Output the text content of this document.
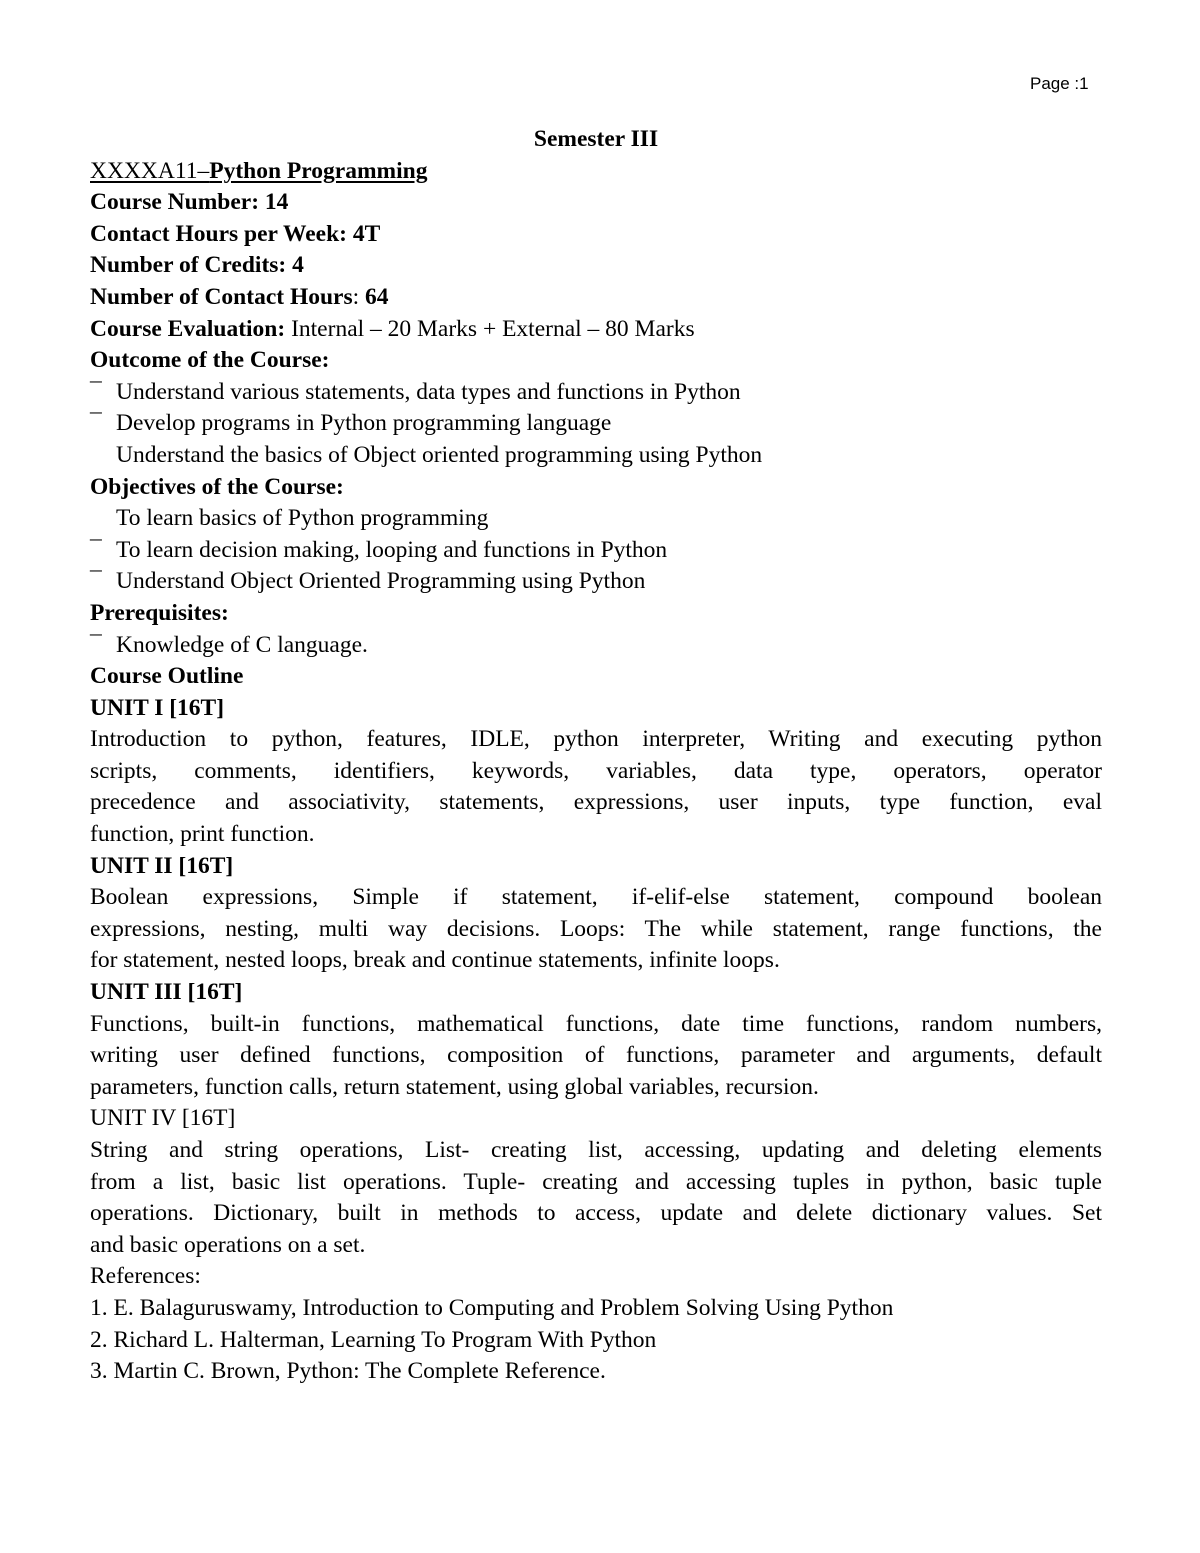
Page :1
Semester III
XXXXA11–Python Programming
Course Number: 14
Contact Hours per Week: 4T
Number of Credits: 4
Number of Contact Hours: 64
Course Evaluation: Internal – 20 Marks + External – 80 Marks
Outcome of the Course:
¯ Understand various statements, data types and functions in Python
¯ Develop programs in Python programming language
Understand the basics of Object oriented programming using Python
Objectives of the Course:
To learn basics of Python programming
¯ To learn decision making, looping and functions in Python
¯ Understand Object Oriented Programming using Python
Prerequisites:
¯ Knowledge of C language.
Course Outline
UNIT I [16T]
Introduction to python, features, IDLE, python interpreter, Writing and executing python
scripts, comments, identifiers, keywords, variables, data type, operators, operator
precedence and associativity, statements, expressions, user inputs, type function, eval
function, print function.
UNIT II [16T]
Boolean expressions, Simple if statement, if-elif-else statement, compound boolean
expressions, nesting, multi way decisions. Loops: The while statement, range functions, the
for statement, nested loops, break and continue statements, infinite loops.
UNIT III [16T]
Functions, built-in functions, mathematical functions, date time functions, random numbers,
writing user defined functions, composition of functions, parameter and arguments, default
parameters, function calls, return statement, using global variables, recursion.
UNIT IV [16T]
String and string operations, List- creating list, accessing, updating and deleting elements
from a list, basic list operations. Tuple- creating and accessing tuples in python, basic tuple
operations. Dictionary, built in methods to access, update and delete dictionary values. Set
and basic operations on a set.
References:
1. E. Balaguruswamy, Introduction to Computing and Problem Solving Using Python
2. Richard L. Halterman, Learning To Program With Python
3. Martin C. Brown, Python: The Complete Reference.
